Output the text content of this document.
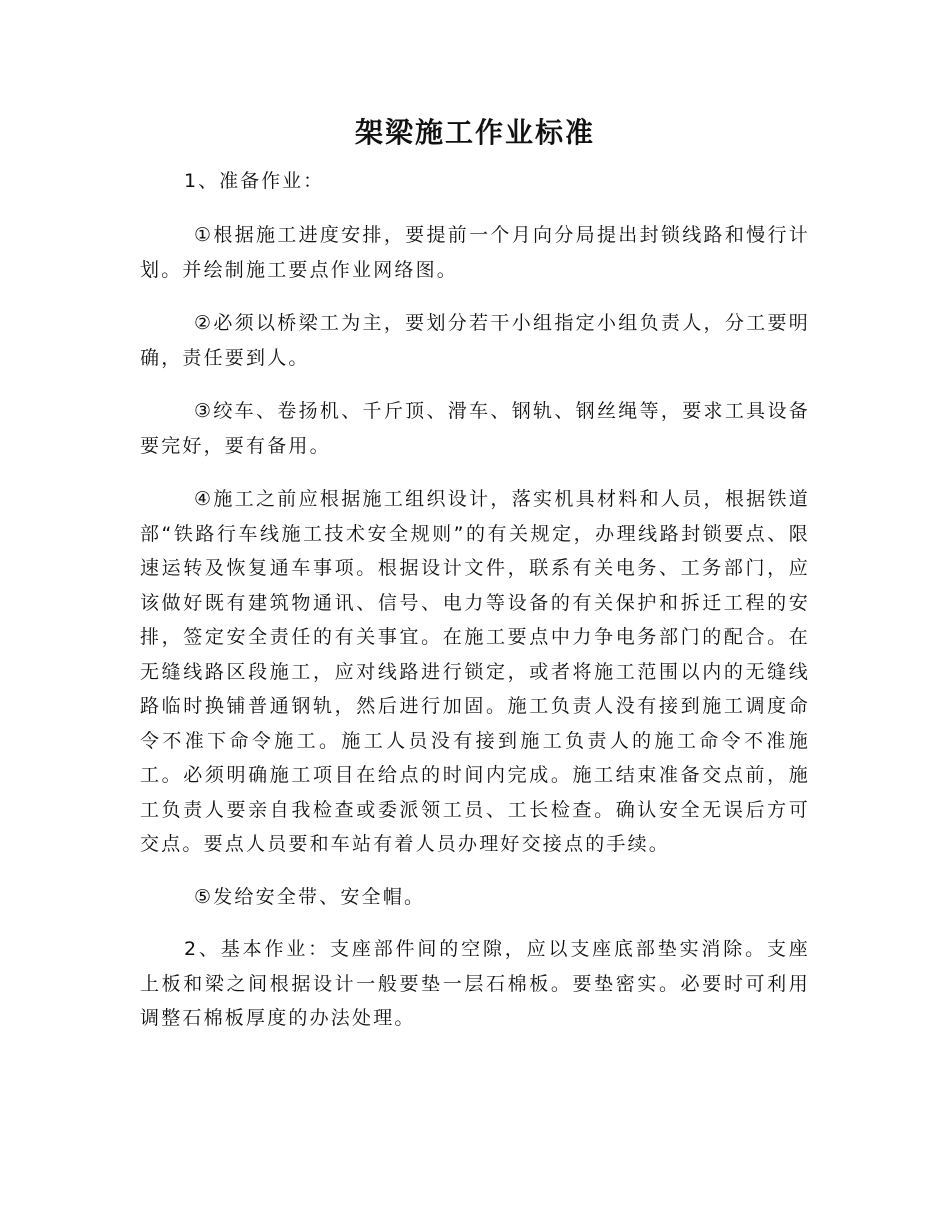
架梁施工作业标准

1、准备作业：

①根据施工进度安排，要提前一个月向分局提出封锁线路和慢行计划。并绘制施工要点作业网络图。

②必须以桥梁工为主，要划分若干小组指定小组负责人，分工要明确，责任要到人。

③绞车、卷扬机、千斤顶、滑车、钢轨、钢丝绳等，要求工具设备要完好，要有备用。

④施工之前应根据施工组织设计，落实机具材料和人员，根据铁道部“铁路行车线施工技术安全规则”的有关规定，办理线路封锁要点、限速运转及恢复通车事项。根据设计文件，联系有关电务、工务部门，应该做好既有建筑物通讯、信号、电力等设备的有关保护和拆迁工程的安排，签定安全责任的有关事宜。在施工要点中力争电务部门的配合。在无缝线路区段施工，应对线路进行锁定，或者将施工范围以内的无缝线路临时换铺普通钢轨，然后进行加固。施工负责人没有接到施工调度命令不准下命令施工。施工人员没有接到施工负责人的施工命令不准施工。必须明确施工项目在给点的时间内完成。施工结束准备交点前，施工负责人要亲自我检查或委派领工员、工长检查。确认安全无误后方可交点。要点人员要和车站有着人员办理好交接点的手续。

⑤发给安全带、安全帽。

2、基本作业：支座部件间的空隙，应以支座底部垫实消除。支座上板和梁之间根据设计一般要垫一层石棉板。要垫密实。必要时可利用调整石棉板厚度的办法处理。
